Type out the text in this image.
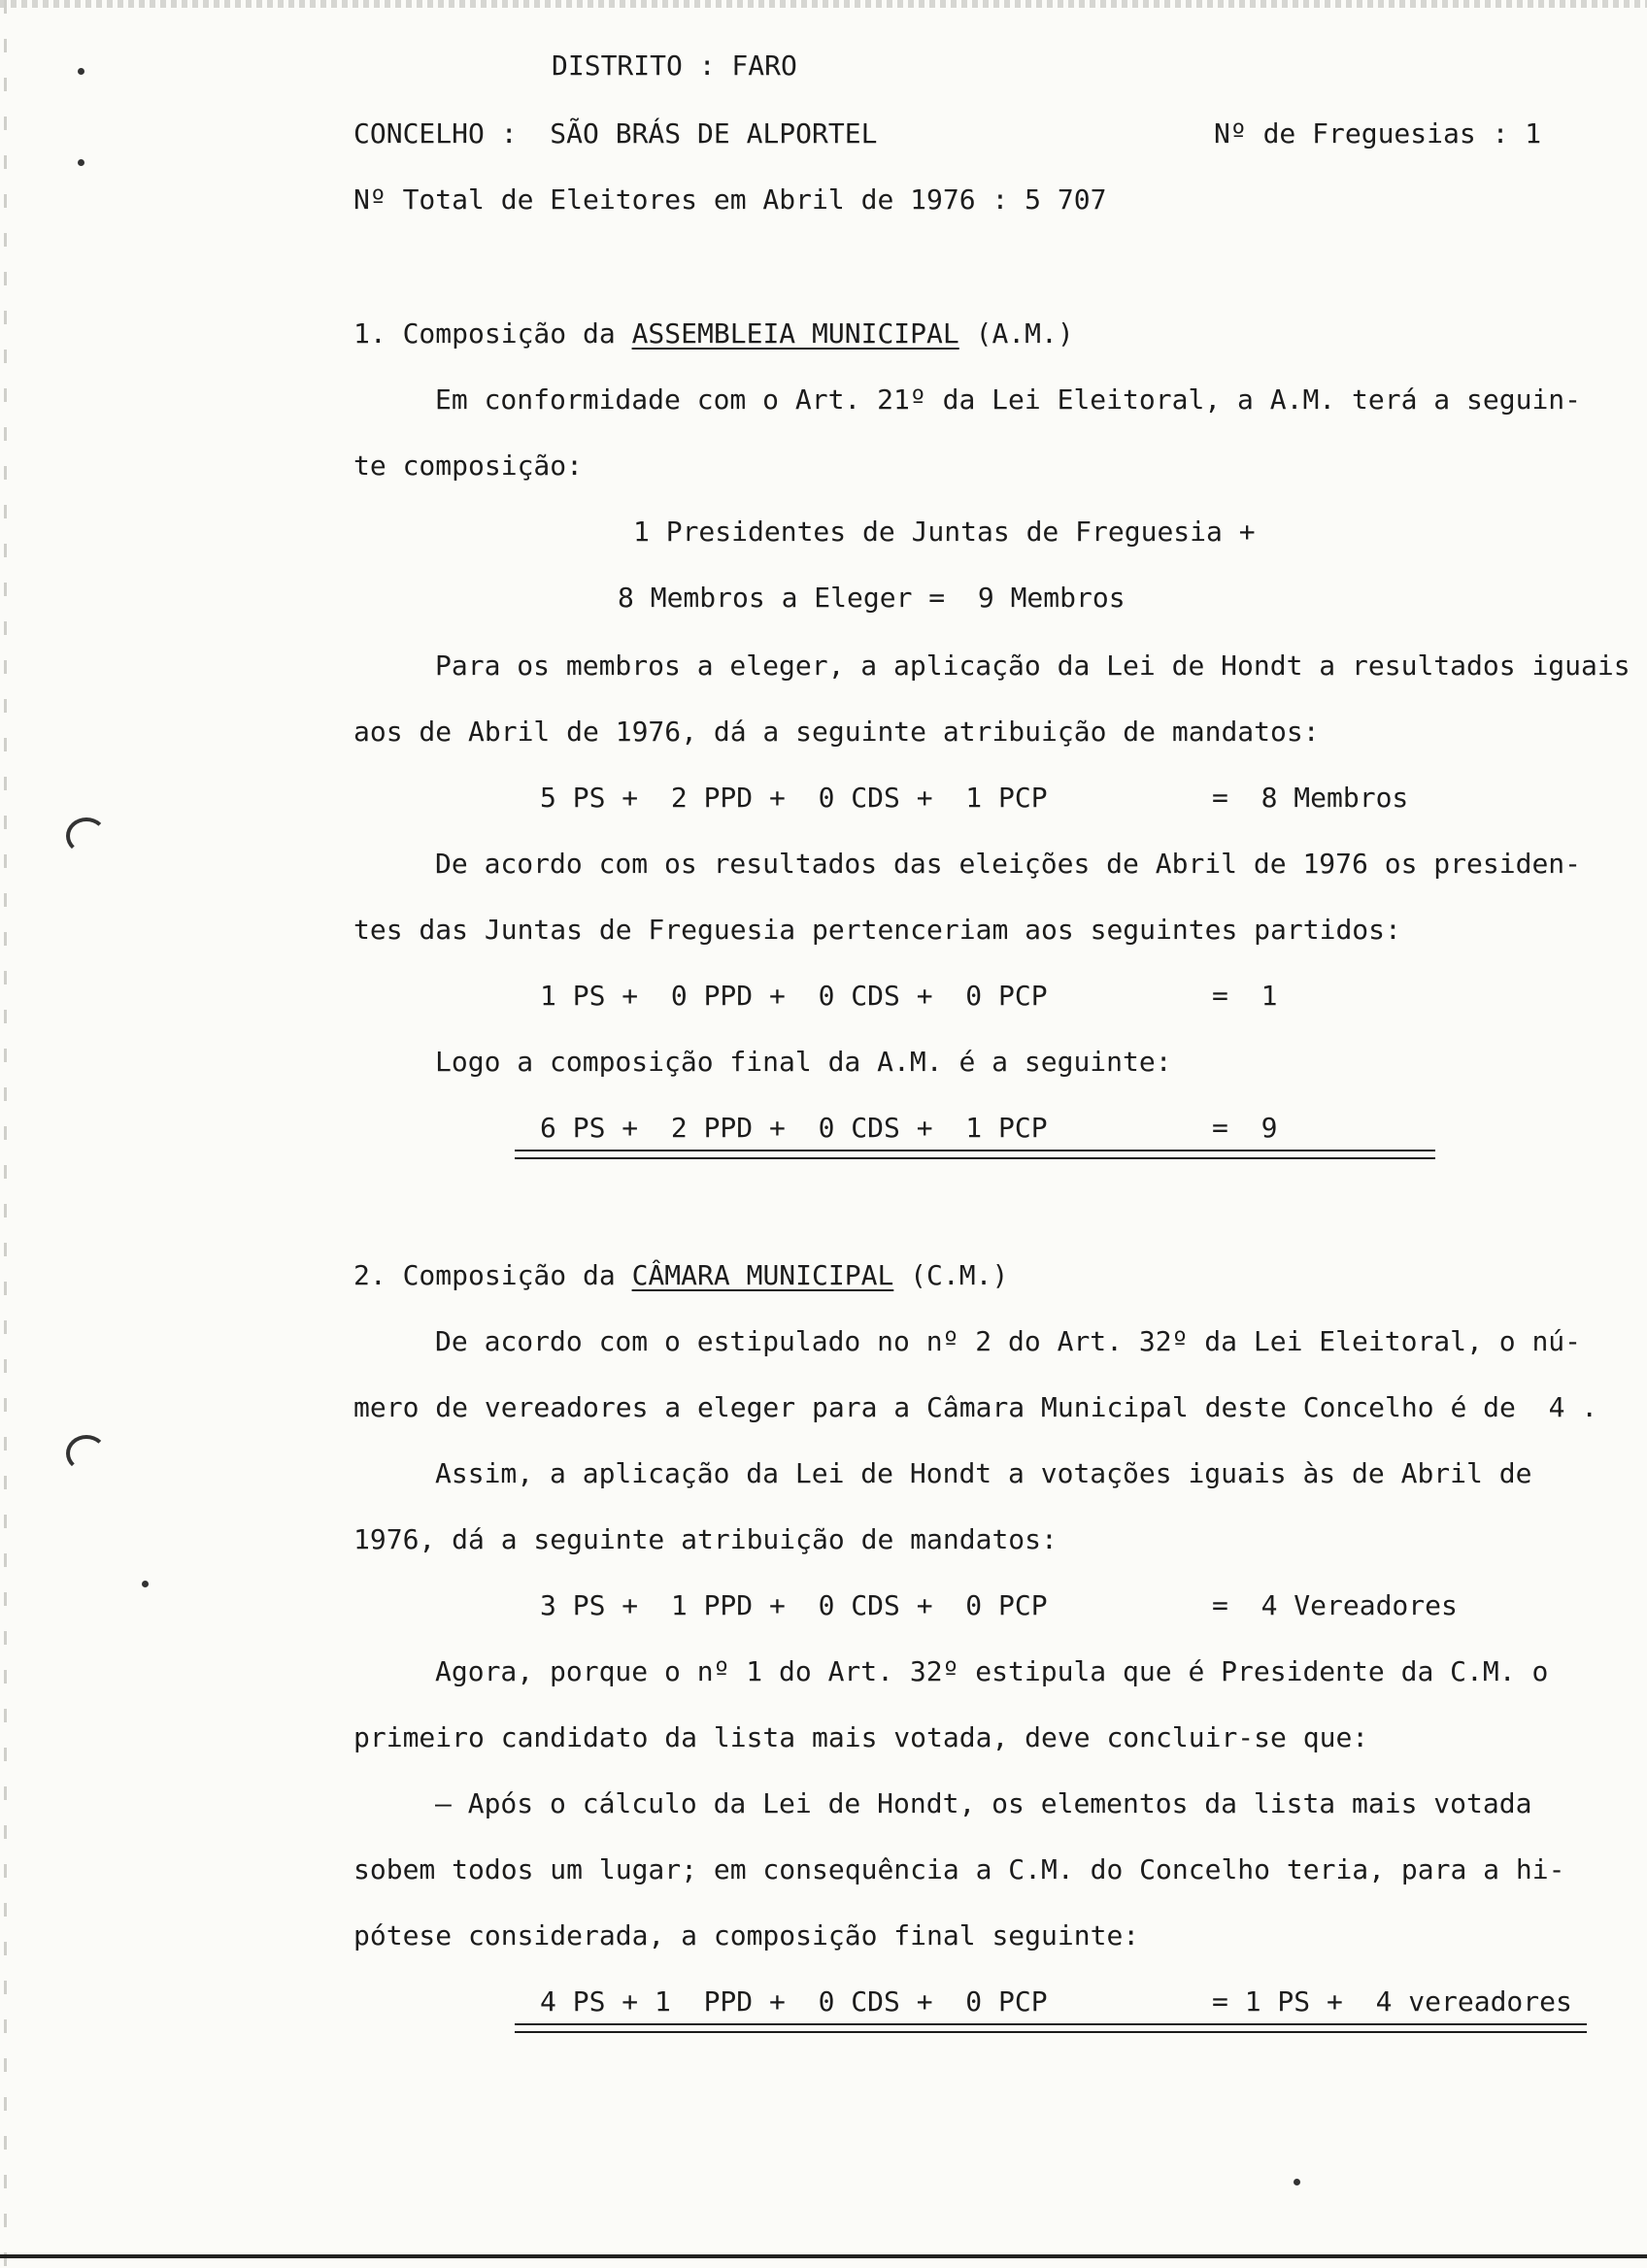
DISTRITO : FARO
CONCELHO :  SÃO BRÁS DE ALPORTEL	Nº de Freguesias : 1
Nº Total de Eleitores em Abril de 1976 : 5 707
1. Composição da ASSEMBLEIA MUNICIPAL (A.M.)
Em conformidade com o Art. 21º da Lei Eleitoral, a A.M. terá a seguin-
te composição:
1 Presidentes de Juntas de Freguesia +
8 Membros a Eleger =  9 Membros
Para os membros a eleger, a aplicação da Lei de Hondt a resultados iguais
aos de Abril de 1976, dá a seguinte atribuição de mandatos:
5 PS +  2 PPD +  0 CDS +  1 PCP	=  8 Membros
De acordo com os resultados das eleições de Abril de 1976 os presiden-
tes das Juntas de Freguesia pertenceriam aos seguintes partidos:
1 PS +  0 PPD +  0 CDS +  0 PCP	=  1
Logo a composição final da A.M. é a seguinte:
6 PS +  2 PPD +  0 CDS +  1 PCP	=  9
2. Composição da CÂMARA MUNICIPAL (C.M.)
De acordo com o estipulado no nº 2 do Art. 32º da Lei Eleitoral, o nú-
mero de vereadores a eleger para a Câmara Municipal deste Concelho é de  4 .
Assim, a aplicação da Lei de Hondt a votações iguais às de Abril de
1976, dá a seguinte atribuição de mandatos:
3 PS +  1 PPD +  0 CDS +  0 PCP	=  4 Vereadores
Agora, porque o nº 1 do Art. 32º estipula que é Presidente da C.M. o
primeiro candidato da lista mais votada, deve concluir-se que:
– Após o cálculo da Lei de Hondt, os elementos da lista mais votada
sobem todos um lugar; em consequência a C.M. do Concelho teria, para a hi-
pótese considerada, a composição final seguinte:
4 PS + 1  PPD +  0 CDS +  0 PCP	= 1 PS +  4 vereadores
